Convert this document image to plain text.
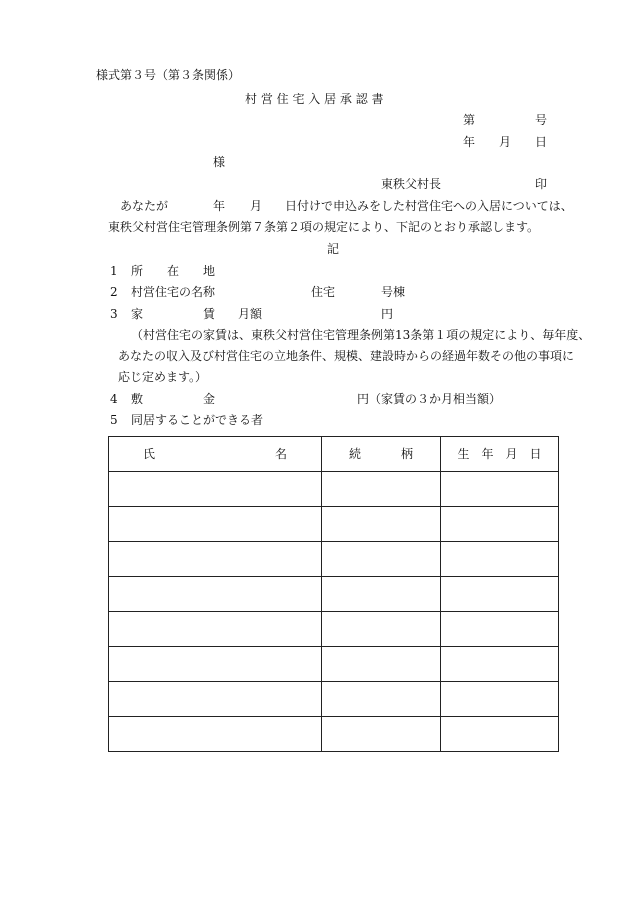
様式第３号（第３条関係）
村 営 住 宅 入 居 承 認 書
第	号
年 月 日
様
東秩父村長	印
あなたが	年 月 日付けで申込みをした村営住宅への入居については、
東秩父村営住宅管理条例第７条第２項の規定により、下記のとおり承認します。
記
1 所 在 地
2 村営住宅の名称	住宅	号棟
3 家	賃 月額	円
（村営住宅の家賃は、東秩父村営住宅管理条例第13条第１項の規定により、毎年度、
あなたの収入及び村営住宅の立地条件、規模、建設時からの経過年数その他の事項に
応じ定めます。）
4 敷	金	円（家賃の３か月相当額）
5 同居することができる者
氏 名	続 柄	生　年　月　日
